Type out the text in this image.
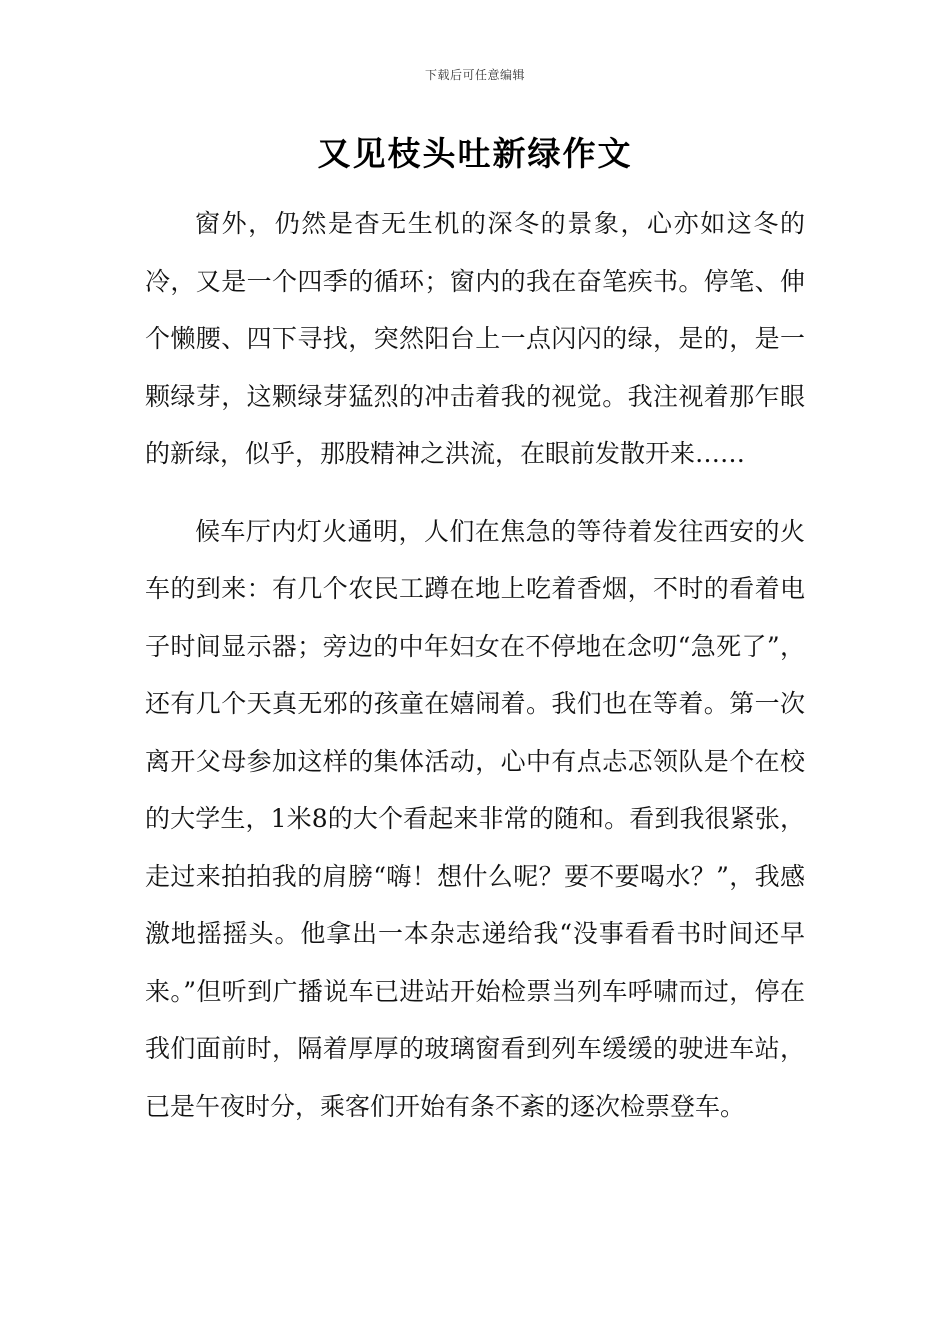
下载后可任意编辑
又见枝头吐新绿作文

窗外，仍然是杳无生机的深冬的景象，心亦如这冬的冷，又是一个四季的循环；窗内的我在奋笔疾书。停笔、伸个懒腰、四下寻找，突然阳台上一点闪闪的绿，是的，是一颗绿芽，这颗绿芽猛烈的冲击着我的视觉。我注视着那乍眼的新绿，似乎，那股精神之洪流，在眼前发散开来……

候车厅内灯火通明，人们在焦急的等待着发往西安的火车的到来：有几个农民工蹲在地上吃着香烟，不时的看着电子时间显示器；旁边的中年妇女在不停地在念叨“急死了”，还有几个天真无邪的孩童在嬉闹着。我们也在等着。第一次离开父母参加这样的集体活动，心中有点忐忑领队是个在校的大学生，1米8的大个看起来非常的随和。看到我很紧张，走过来拍拍我的肩膀“嗨！想什么呢？要不要喝水？”，我感激地摇摇头。他拿出一本杂志递给我“没事看看书时间还早来。”但听到广播说车已进站开始检票当列车呼啸而过，停在我们面前时，隔着厚厚的玻璃窗看到列车缓缓的驶进车站，已是午夜时分，乘客们开始有条不紊的逐次检票登车。
